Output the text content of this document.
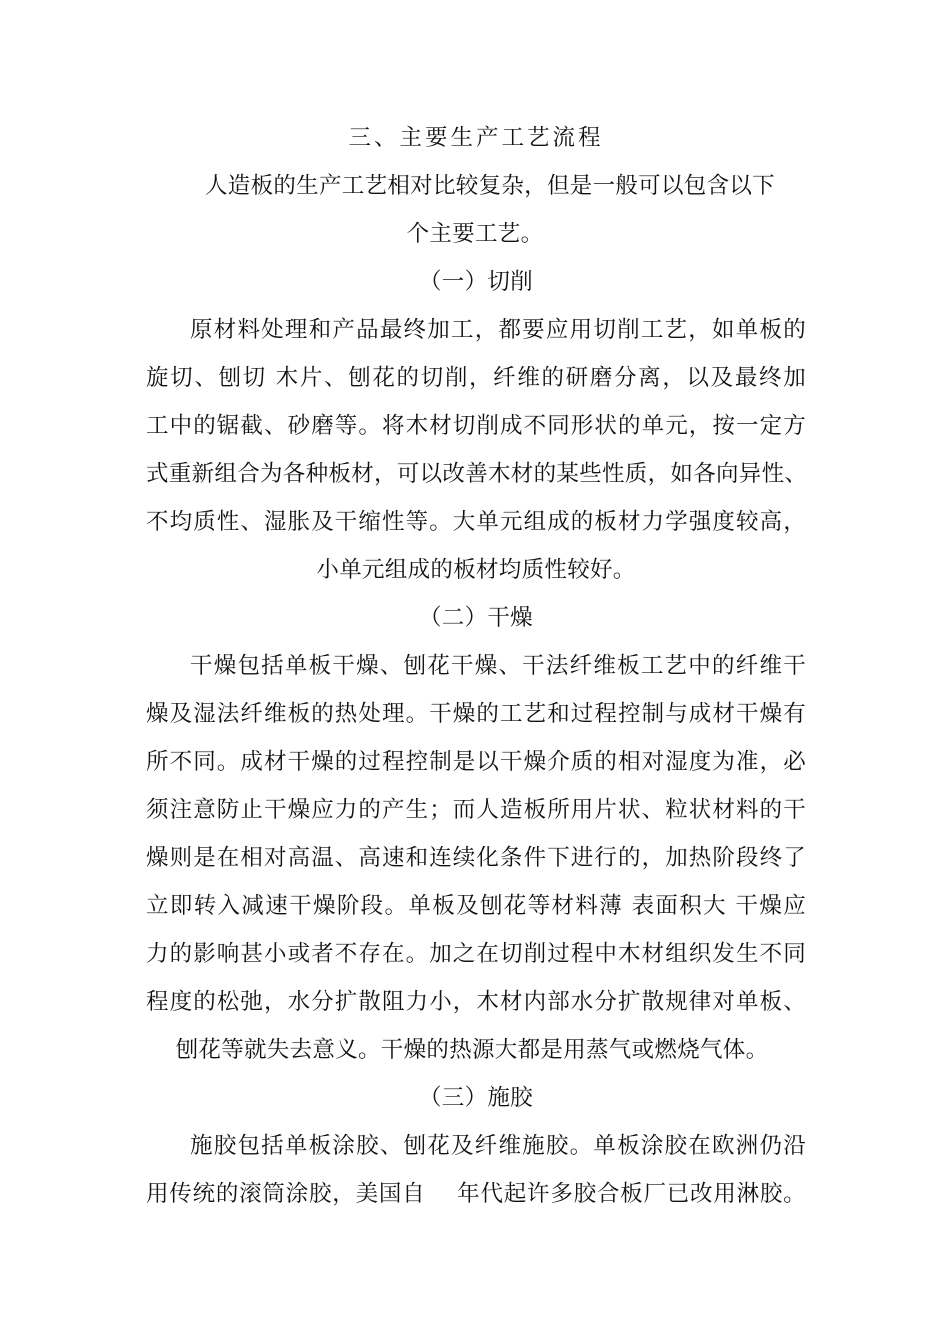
三、主要生产工艺流程
人造板的生产工艺相对比较复杂，但是一般可以包含以下
个主要工艺。
（一）切削
原材料处理和产品最终加工，都要应用切削工艺，如单板的
旋切、刨切 木片、刨花的切削，纤维的研磨分离，以及最终加
工中的锯截、砂磨等。将木材切削成不同形状的单元，按一定方
式重新组合为各种板材，可以改善木材的某些性质，如各向异性、
不均质性、湿胀及干缩性等。大单元组成的板材力学强度较高，
小单元组成的板材均质性较好。
（二）干燥
干燥包括单板干燥、刨花干燥、干法纤维板工艺中的纤维干
燥及湿法纤维板的热处理。干燥的工艺和过程控制与成材干燥有
所不同。成材干燥的过程控制是以干燥介质的相对湿度为准，必
须注意防止干燥应力的产生；而人造板所用片状、粒状材料的干
燥则是在相对高温、高速和连续化条件下进行的，加热阶段终了
立即转入减速干燥阶段。单板及刨花等材料薄 表面积大 干燥应
力的影响甚小或者不存在。加之在切削过程中木材组织发生不同
程度的松弛，水分扩散阻力小，木材内部水分扩散规律对单板、
刨花等就失去意义。干燥的热源大都是用蒸气或燃烧气体。
（三）施胶
施胶包括单板涂胶、刨花及纤维施胶。单板涂胶在欧洲仍沿
用传统的滚筒涂胶，美国自    年代起许多胶合板厂已改用淋胶。
